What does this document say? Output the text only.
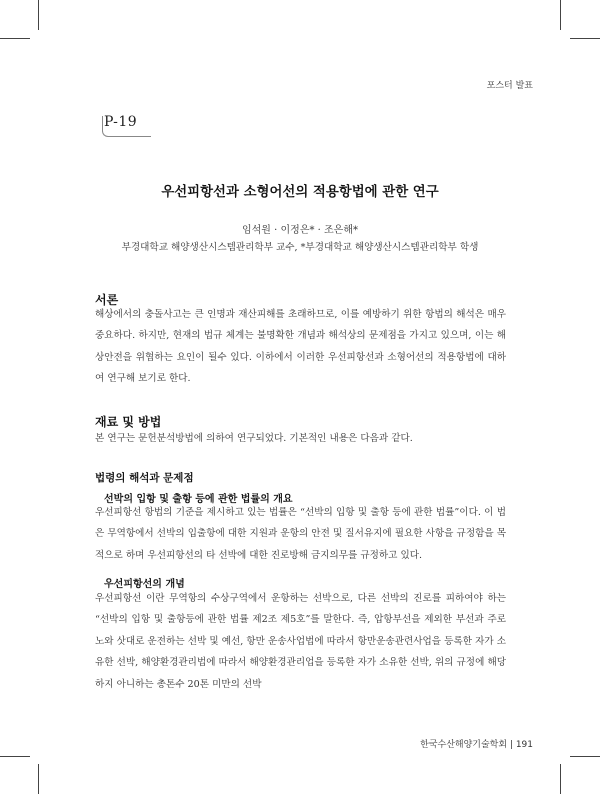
포스터 발표
P-19
우선피항선과 소형어선의 적용항법에 관한 연구
임석원 · 이정은* · 조은해*
부경대학교 해양생산시스템관리학부 교수, *부경대학교 해양생산시스템관리학부 학생
서론
해상에서의 충돌사고는 큰 인명과 재산피해를 초래하므로, 이를 예방하기 위한 항법의 해석은 매우 중요하다. 하지만, 현재의 법규 체계는 불명확한 개념과 해석상의 문제점을 가지고 있으며, 이는 해상안전을 위협하는 요인이 될수 있다. 이하에서 이러한 우선피항선과 소형어선의 적용항법에 대하여 연구해 보기로 한다.
재료 및 방법
본 연구는 문헌분석방법에 의하여 연구되었다. 기본적인 내용은 다음과 같다.
법령의 해석과 문제점
선박의 입항 및 출항 등에 관한 법률의 개요
우선피항선 항법의 기준을 제시하고 있는 법률은 “선박의 입항 및 출항 등에 관한 법률”이다. 이 법은 무역항에서 선박의 입출항에 대한 지원과 운항의 안전 및 질서유지에 필요한 사항을 규정함을 목적으로 하며 우선피항선의 타 선박에 대한 진로방해 금지의무를 규정하고 있다.
우선피항선의 개념
우선피항선 이란 무역항의 수상구역에서 운항하는 선박으로, 다른 선박의 진로를 피하여야 하는 “선박의 입항 및 출항등에 관한 법률 제2조 제5호”를 말한다. 즉, 압항부선을 제외한 부선과 주로 노와 삿대로 운전하는 선박 및 예선, 항만 운송사업법에 따라서 항만운송관련사업을 등록한 자가 소유한 선박, 해양환경관리법에 따라서 해양환경관리업을 등록한 자가 소유한 선박, 위의 규정에 해당하지 아니하는 총톤수 20톤 미만의 선박
한국수산해양기술학회 | 191
